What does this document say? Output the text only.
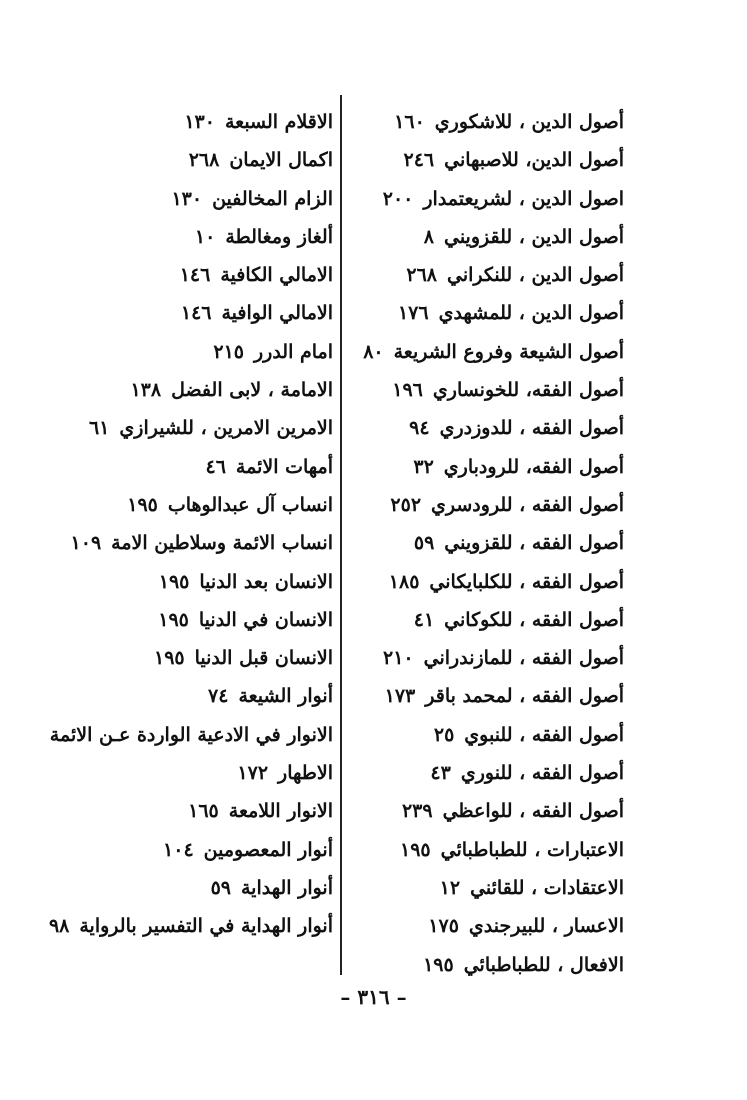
أصول الدين ، للاشكوري١٦٠
أصول الدين، للاصبهاني٢٤٦
اصول الدين ، لشريعتمدار٢٠٠
أصول الدين ، للقزويني٨
أصول الدين ، للنكراني٢٦٨
أصول الدين ، للمشهدي١٧٦
أصول الشيعة وفروع الشريعة٨٠
أصول الفقه، للخونساري١٩٦
أصول الفقه ، للدوزدري٩٤
أصول الفقه، للرودباري٣٢
أصول الفقه ، للرودسري٢٥٢
أصول الفقه ، للقزويني٥٩
أصول الفقه ، للكلبايكاني١٨٥
أصول الفقه ، للكوكاني٤١
أصول الفقه ، للمازندراني٢١٠
أصول الفقه ، لمحمد باقر١٧٣
أصول الفقه ، للنبوي٢٥
أصول الفقه ، للنوري٤٣
أصول الفقه ، للواعظي٢٣٩
الاعتبارات ، للطباطبائي١٩٥
الاعتقادات ، للقائني١٢
الاعسار ، للبيرجندي١٧٥
الافعال ، للطباطبائي١٩٥
الاقلام السبعة١٣٠
اكمال الايمان٢٦٨
الزام المخالفين١٣٠
ألغاز ومغالطة١٠
الامالي الكافية١٤٦
الامالي الوافية١٤٦
امام الدرر٢١٥
الامامة ، لابى الفضل١٣٨
الامرين الامرين ، للشيرازي٦١
أمهات الائمة٤٦
انساب آل عبدالوهاب١٩٥
انساب الائمة وسلاطين الامة١٠٩
الانسان بعد الدنيا١٩٥
الانسان في الدنيا١٩٥
الانسان قبل الدنيا١٩٥
أنوار الشيعة٧٤
الانوار في الادعية الواردة عـن الائمة
الاطهار١٧٢
الانوار اللامعة١٦٥
أنوار المعصومين١٠٤
أنوار الهداية٥٩
أنوار الهداية في التفسير بالرواية٩٨
– ٣١٦ –
